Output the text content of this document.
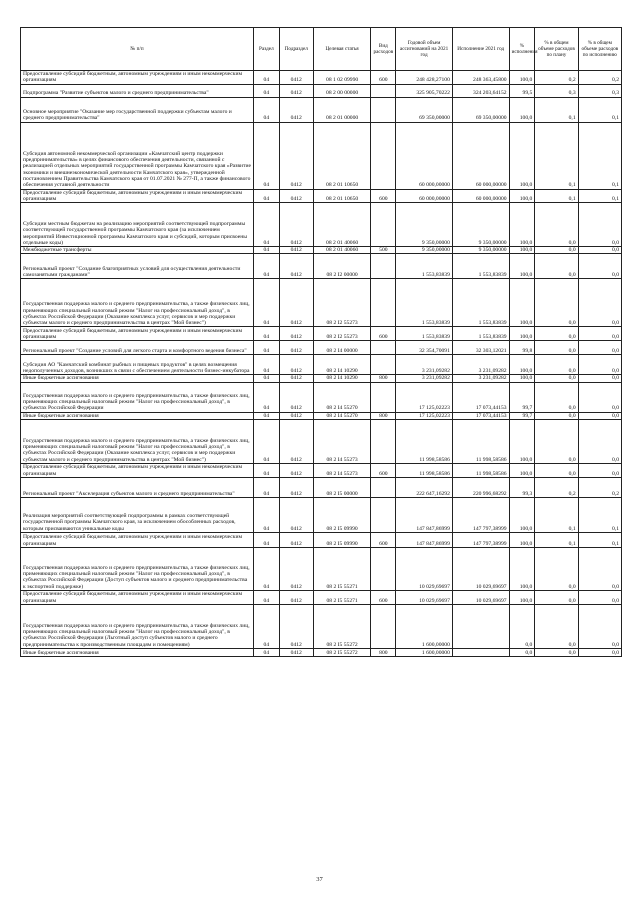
№ п/п	Раздел	Подраздел	Целевая статья	Вид расходов	Годовой объем ассигнований на 2021 год	Исполнение 2021 год	% исполнения	% в общем объеме расходов по плану	% в общем объеме расходов по исполнению
Предоставление субсидий бюджетным, автономным учреждениям и иным некоммерческим организациям	04	0412	08 1 02 09990	600	248 428,27100	248 363,45800	100,0	0,2	0,2
Подпрограмма "Развитие субъектов малого и среднего предпринимательства"	04	0412	08 2 00 00000		325 905,70222	324 203,64152	99,5	0,3	0,3
Основное мероприятие "Оказание мер государственной поддержки субъектам малого и среднего предпринимательства"	04	0412	08 2 01 00000		69 350,00000	69 350,00000	100,0	0,1	0,1
Субсидия автономной некоммерческой организации «Камчатский центр поддержки предпринимательства» в целях финансового обеспечения деятельности, связанной с реализацией отдельных мероприятий государственной программы Камчатского края «Развитие экономики и внешнеэкономической деятельности Камчатского края», утвержденной постановлением Правительства Камчатского края от 01.07.2021 № 277-П, а также финансового обеспечения уставной деятельности	04	0412	08 2 01 10650		60 000,00000	60 000,00000	100,0	0,1	0,1
Предоставление субсидий бюджетным, автономным учреждениям и иным некоммерческим организациям	04	0412	08 2 01 10650	600	60 000,00000	60 000,00000	100,0	0,1	0,1
Субсидии местным бюджетам на реализацию мероприятий соответствующей подпрограммы соответствующей государственной программы Камчатского края (за исключением мероприятий Инвестиционной программы Камчатского края и субсидий, которым присвоены отдельные коды)	04	0412	08 2 01 40060		9 350,00000	9 350,00000	100,0	0,0	0,0
Межбюджетные трансферты	04	0412	08 2 01 40060	500	9 350,00000	9 350,00000	100,0	0,0	0,0
Региональный проект "Создание благоприятных условий для осуществления деятельности самозанятыми гражданами"	04	0412	08 2 I2 00000		1 553,83839	1 553,83839	100,0	0,0	0,0
Государственная поддержка малого и среднего предпринимательства, а также физических лиц, применяющих специальный налоговый режим "Налог на профессиональный доход", в субъектах Российской Федерации (Оказание комплекса услуг, сервисов и мер поддержки субъектам малого и среднего предпринимательства в центрах "Мой бизнес")	04	0412	08 2 I2 55273		1 553,83839	1 553,83839	100,0	0,0	0,0
Предоставление субсидий бюджетным, автономным учреждениям и иным некоммерческим организациям	04	0412	08 2 I2 55273	600	1 553,83839	1 553,83839	100,0	0,0	0,0
Региональный проект "Создание условий для легкого старта и комфортного ведения бизнеса"	04	0412	08 2 I4 00000		32 354,70091	32 303,12021	99,8	0,0	0,0
Субсидия АО "Камчатский комбинат рыбных и пищевых продуктов" в целях возмещения недополученных доходов, возникших в связи с обеспечением деятельности бизнес-инкубатора	04	0412	08 2 I4 10290		3 231,09282	3 231,09282	100,0	0,0	0,0
Иные бюджетные ассигнования	04	0412	08 2 I4 10290	800	3 231,09282	3 231,09282	100,0	0,0	0,0
Государственная поддержка малого и среднего предпринимательства, а также физических лиц, применяющих специальный налоговый режим "Налог на профессиональный доход", в субъектах Российской Федерации	04	0412	08 2 I4 55270		17 125,02223	17 073,44153	99,7	0,0	0,0
Иные бюджетные ассигнования	04	0412	08 2 I4 55270	800	17 125,02223	17 073,44153	99,7	0,0	0,0
Государственная поддержка малого и среднего предпринимательства, а также физических лиц, применяющих специальный налоговый режим "Налог на профессиональный доход", в субъектах Российской Федерации (Оказание комплекса услуг, сервисов и мер поддержки субъектам малого и среднего предпринимательства в центрах "Мой бизнес")	04	0412	08 2 I4 55273		11 998,58586	11 998,58586	100,0	0,0	0,0
Предоставление субсидий бюджетным, автономным учреждениям и иным некоммерческим организациям	04	0412	08 2 I4 55273	600	11 998,58586	11 998,58586	100,0	0,0	0,0
Региональный проект "Акселерация субъектов малого и среднего предпринимательства"	04	0412	08 2 I5 00000		222 647,16292	220 996,68292	99,3	0,2	0,2
Реализация мероприятий соответствующей подпрограммы в рамках соответствующей государственной программы Камчатского края, за исключением обособленных расходов, которым присваиваются уникальные коды	04	0412	08 2 I5 09990		147 847,86999	147 797,38999	100,0	0,1	0,1
Предоставление субсидий бюджетным, автономным учреждениям и иным некоммерческим организациям	04	0412	08 2 I5 09990	600	147 847,86999	147 797,38999	100,0	0,1	0,1
Государственная поддержка малого и среднего предпринимательства, а также физических лиц, применяющих специальный налоговый режим "Налог на профессиональный доход", в субъектах Российской Федерации (Доступ субъектов малого и среднего предпринимательства к экспортной поддержке)	04	0412	08 2 I5 55271		10 029,69697	10 029,69697	100,0	0,0	0,0
Предоставление субсидий бюджетным, автономным учреждениям и иным некоммерческим организациям	04	0412	08 2 I5 55271	600	10 029,69697	10 029,69697	100,0	0,0	0,0
Государственная поддержка малого и среднего предпринимательства, а также физических лиц, применяющих специальный налоговый режим "Налог на профессиональный доход", в субъектах Российской Федерации (Льготный доступ субъектов малого и среднего предпринимательства к производственным площадям и помещениям)	04	0412	08 2 I5 55272		1 600,00000		0,0	0,0	0,0
Иные бюджетные ассигнования	04	0412	08 2 I5 55272	800	1 600,00000		0,0	0,0	0,0
37
